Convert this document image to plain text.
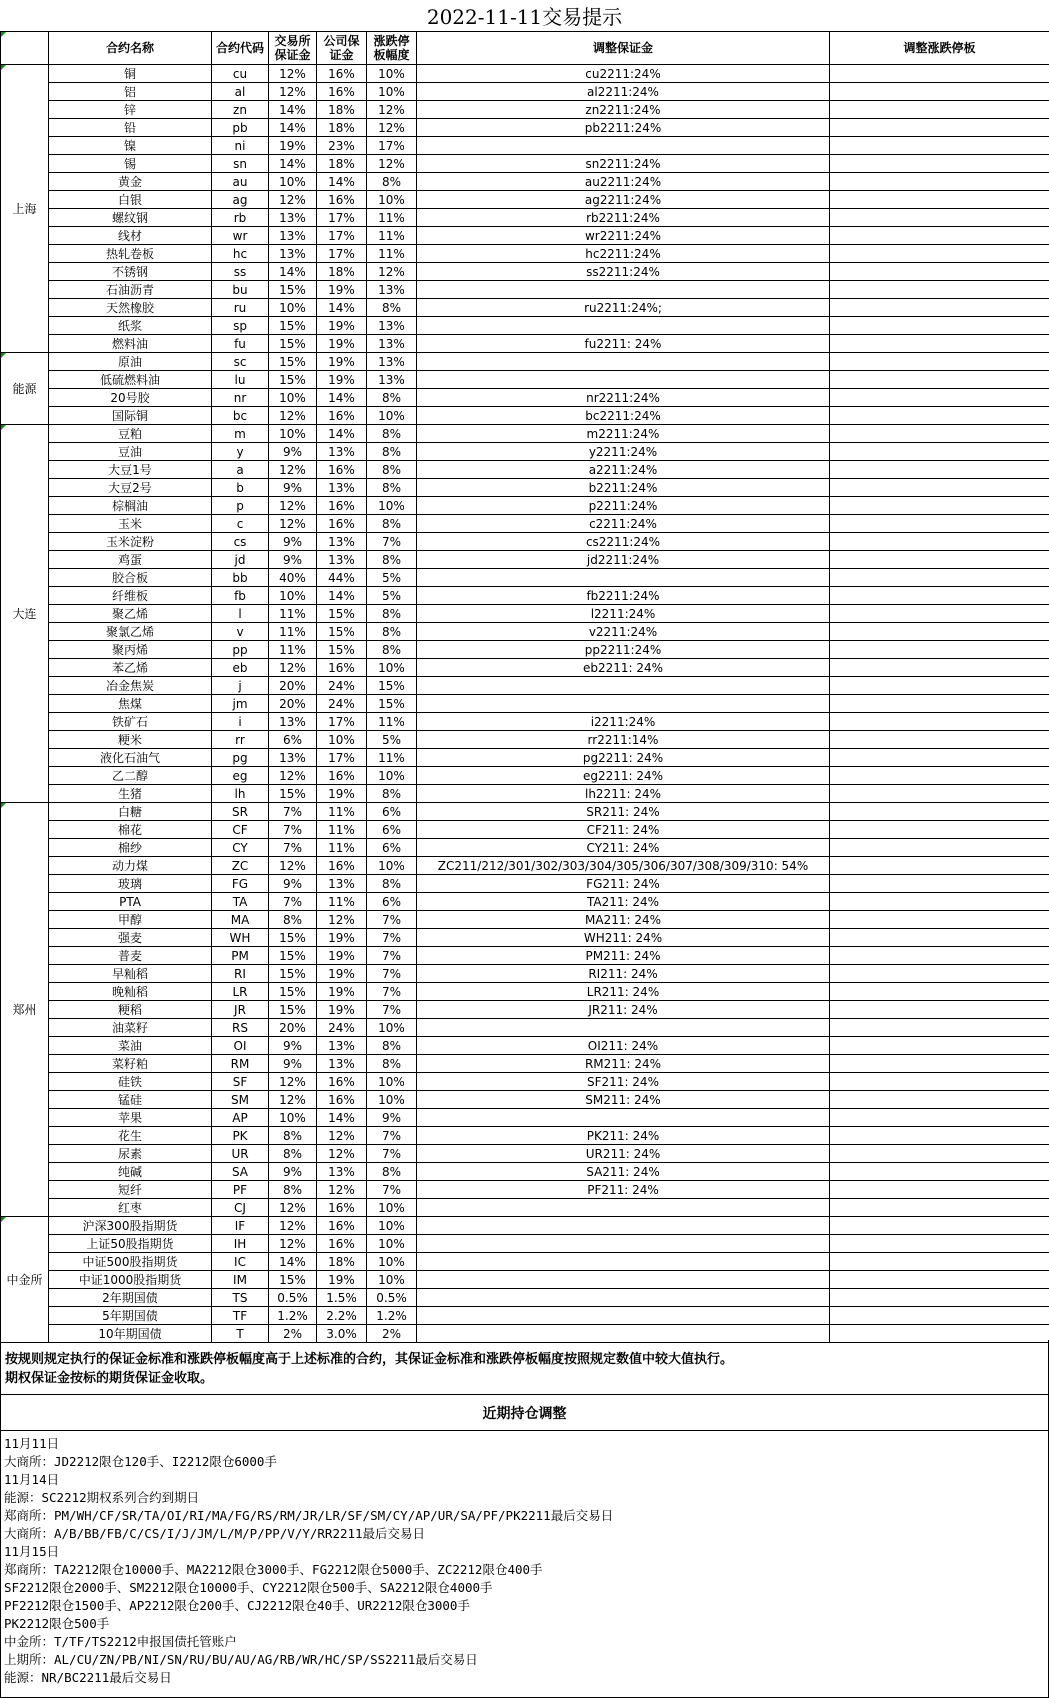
2022-11-11交易提示
	合约名称	合约代码	交易所保证金	公司保证金	涨跌停板幅度	调整保证金	调整涨跌停板

上海	铜	cu	12%	16%	10%	cu2211:24%	
	铝	al	12%	16%	10%	al2211:24%	
	锌	zn	14%	18%	12%	zn2211:24%	
	铅	pb	14%	18%	12%	pb2211:24%	
	镍	ni	19%	23%	17%		
	锡	sn	14%	18%	12%	sn2211:24%	
	黄金	au	10%	14%	8%	au2211:24%	
	白银	ag	12%	16%	10%	ag2211:24%	
	螺纹钢	rb	13%	17%	11%	rb2211:24%	
	线材	wr	13%	17%	11%	wr2211:24%	
	热轧卷板	hc	13%	17%	11%	hc2211:24%	
	不锈钢	ss	14%	18%	12%	ss2211:24%	
	石油沥青	bu	15%	19%	13%		
	天然橡胶	ru	10%	14%	8%	ru2211:24%;	
	纸浆	sp	15%	19%	13%		
	燃料油	fu	15%	19%	13%	fu2211: 24%	

能源	原油	sc	15%	19%	13%		
	低硫燃料油	lu	15%	19%	13%		
	20号胶	nr	10%	14%	8%	nr2211:24%	
	国际铜	bc	12%	16%	10%	bc2211:24%	

大连	豆粕	m	10%	14%	8%	m2211:24%	
	豆油	y	9%	13%	8%	y2211:24%	
	大豆1号	a	12%	16%	8%	a2211:24%	
	大豆2号	b	9%	13%	8%	b2211:24%	
	棕榈油	p	12%	16%	10%	p2211:24%	
	玉米	c	12%	16%	8%	c2211:24%	
	玉米淀粉	cs	9%	13%	7%	cs2211:24%	
	鸡蛋	jd	9%	13%	8%	jd2211:24%	
	胶合板	bb	40%	44%	5%		
	纤维板	fb	10%	14%	5%	fb2211:24%	
	聚乙烯	l	11%	15%	8%	l2211:24%	
	聚氯乙烯	v	11%	15%	8%	v2211:24%	
	聚丙烯	pp	11%	15%	8%	pp2211:24%	
	苯乙烯	eb	12%	16%	10%	eb2211: 24%	
	冶金焦炭	j	20%	24%	15%		
	焦煤	jm	20%	24%	15%		
	铁矿石	i	13%	17%	11%	i2211:24%	
	粳米	rr	6%	10%	5%	rr2211:14%	
	液化石油气	pg	13%	17%	11%	pg2211: 24%	
	乙二醇	eg	12%	16%	10%	eg2211: 24%	
	生猪	lh	15%	19%	8%	lh2211: 24%	

郑州	白糖	SR	7%	11%	6%	SR211: 24%	
	棉花	CF	7%	11%	6%	CF211: 24%	
	棉纱	CY	7%	11%	6%	CY211: 24%	
	动力煤	ZC	12%	16%	10%	ZC211/212/301/302/303/304/305/306/307/308/309/310: 54%	
	玻璃	FG	9%	13%	8%	FG211: 24%	
	PTA	TA	7%	11%	6%	TA211: 24%	
	甲醇	MA	8%	12%	7%	MA211: 24%	
	强麦	WH	15%	19%	7%	WH211: 24%	
	普麦	PM	15%	19%	7%	PM211: 24%	
	早籼稻	RI	15%	19%	7%	RI211: 24%	
	晚籼稻	LR	15%	19%	7%	LR211: 24%	
	粳稻	JR	15%	19%	7%	JR211: 24%	
	油菜籽	RS	20%	24%	10%		
	菜油	OI	9%	13%	8%	OI211: 24%	
	菜籽粕	RM	9%	13%	8%	RM211: 24%	
	硅铁	SF	12%	16%	10%	SF211: 24%	
	锰硅	SM	12%	16%	10%	SM211: 24%	
	苹果	AP	10%	14%	9%		
	花生	PK	8%	12%	7%	PK211: 24%	
	尿素	UR	8%	12%	7%	UR211: 24%	
	纯碱	SA	9%	13%	8%	SA211: 24%	
	短纤	PF	8%	12%	7%	PF211: 24%	
	红枣	CJ	12%	16%	10%		

中金所	沪深300股指期货	IF	12%	16%	10%		
	上证50股指期货	IH	12%	16%	10%		
	中证500股指期货	IC	14%	18%	10%		
	中证1000股指期货	IM	15%	19%	10%		
	2年期国债	TS	0.5%	1.5%	0.5%		
	5年期国债	TF	1.2%	2.2%	1.2%		
	10年期国债	T	2%	3.0%	2%		
按规则规定执行的保证金标准和涨跌停板幅度高于上述标准的合约，其保证金标准和涨跌停板幅度按照规定数值中较大值执行。
期权保证金按标的期货保证金收取。
近期持仓调整
11月11日
大商所：JD2212限仓120手、I2212限仓6000手
11月14日
能源：SC2212期权系列合约到期日
郑商所：PM/WH/CF/SR/TA/OI/RI/MA/FG/RS/RM/JR/LR/SF/SM/CY/AP/UR/SA/PF/PK2211最后交易日
大商所：A/B/BB/FB/C/CS/I/J/JM/L/M/P/PP/V/Y/RR2211最后交易日
11月15日
郑商所：TA2212限仓10000手、MA2212限仓3000手、FG2212限仓5000手、ZC2212限仓400手
SF2212限仓2000手、SM2212限仓10000手、CY2212限仓500手、SA2212限仓4000手
PF2212限仓1500手、AP2212限仓200手、CJ2212限仓40手、UR2212限仓3000手
PK2212限仓500手
中金所：T/TF/TS2212申报国债托管账户
上期所：AL/CU/ZN/PB/NI/SN/RU/BU/AU/AG/RB/WR/HC/SP/SS2211最后交易日
能源：NR/BC2211最后交易日
